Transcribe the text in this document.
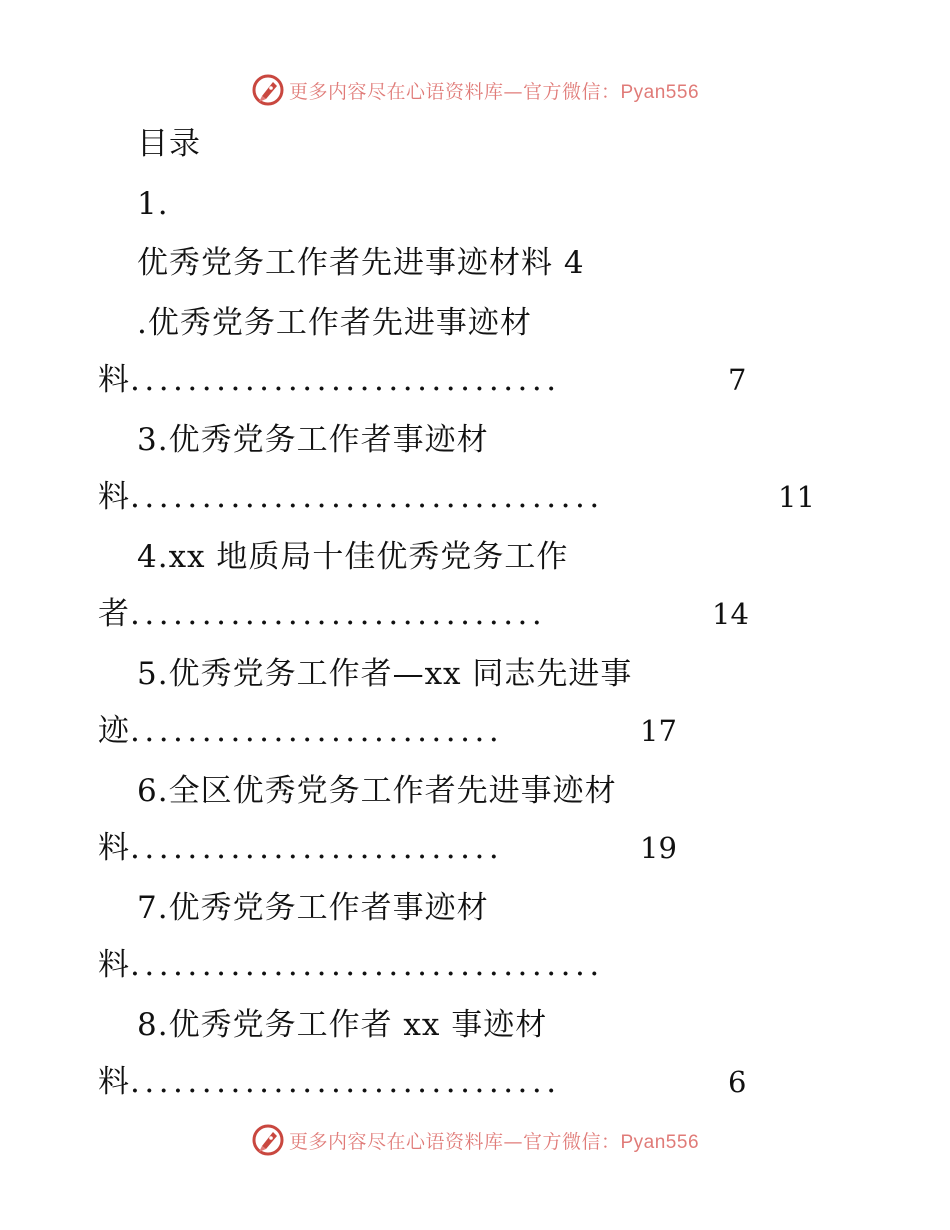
更多内容尽在心语资料库—官方微信：Pyan556
目录
1.
优秀党务工作者先进事迹材料 4
.优秀党务工作者先进事迹材
料..............................	7
3.优秀党务工作者事迹材
料.................................	11
4.xx 地质局十佳优秀党务工作
者.............................	14
5.优秀党务工作者—xx 同志先进事
迹..........................	17
6.全区优秀党务工作者先进事迹材
料..........................	19
7.优秀党务工作者事迹材
料.................................
8.优秀党务工作者 xx 事迹材
料..............................	6
更多内容尽在心语资料库—官方微信：Pyan556
